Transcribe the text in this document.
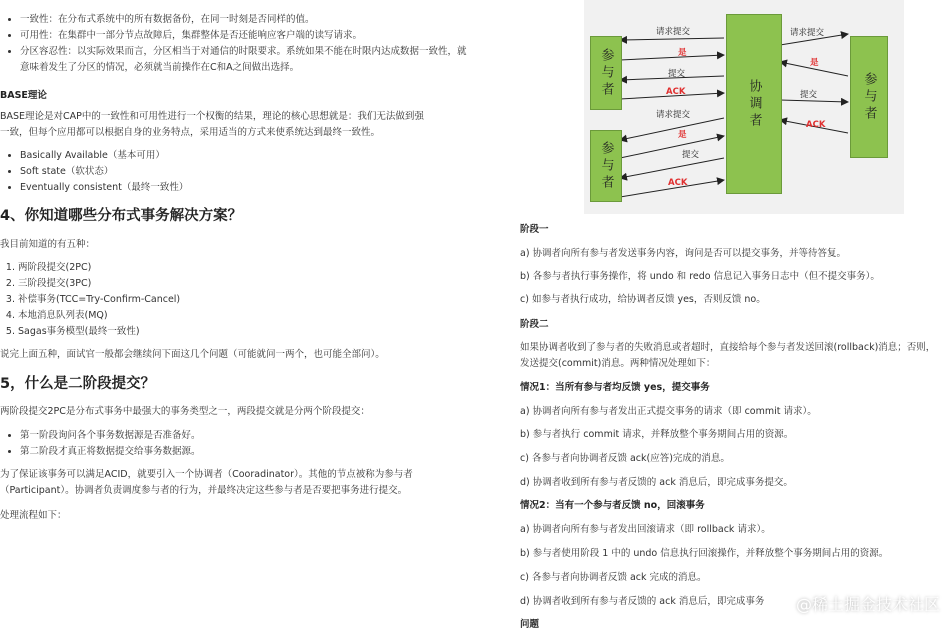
• 一致性：在分布式系统中的所有数据备份，在同一时刻是否同样的值。
• 可用性：在集群中一部分节点故障后，集群整体是否还能响应客户端的读写请求。
• 分区容忍性：以实际效果而言，分区相当于对通信的时限要求。系统如果不能在时限内达成数据一致性，就意味着发生了分区的情况，必须就当前操作在C和A之间做出选择。

BASE理论

BASE理论是对CAP中的一致性和可用性进行一个权衡的结果，理论的核心思想就是：我们无法做到强一致，但每个应用都可以根据自身的业务特点，采用适当的方式来使系统达到最终一致性。

• Basically Available（基本可用）
• Soft state（软状态）
• Eventually consistent（最终一致性）

4、你知道哪些分布式事务解决方案？

我目前知道的有五种：

1. 两阶段提交(2PC)
2. 三阶段提交(3PC)
3. 补偿事务(TCC=Try-Confirm-Cancel)
4. 本地消息队列表(MQ)
5. Sagas事务模型(最终一致性)

说完上面五种，面试官一般都会继续问下面这几个问题（可能就问一两个，也可能全部问）。

5，什么是二阶段提交？

两阶段提交2PC是分布式事务中最强大的事务类型之一，两段提交就是分两个阶段提交：

• 第一阶段询问各个事务数据源是否准备好。
• 第二阶段才真正将数据提交给事务数据源。

为了保证该事务可以满足ACID，就要引入一个协调者（Cooradinator）。其他的节点被称为参与者（Participant）。协调者负责调度参与者的行为，并最终决定这些参与者是否要把事务进行提交。

处理流程如下：

参与者
参与者
协调者	参与者
请求提交
是
提交
ACK
请求提交
是
提交
ACK
请求提交
是
提交
ACK

阶段一

a) 协调者向所有参与者发送事务内容，询问是否可以提交事务，并等待答复。

b) 各参与者执行事务操作，将 undo 和 redo 信息记入事务日志中（但不提交事务）。

c) 如参与者执行成功，给协调者反馈 yes，否则反馈 no。

阶段二

如果协调者收到了参与者的失败消息或者超时，直接给每个参与者发送回滚(rollback)消息；否则，发送提交(commit)消息。两种情况处理如下：

情况1：当所有参与者均反馈 yes，提交事务

a) 协调者向所有参与者发出正式提交事务的请求（即 commit 请求）。

b) 参与者执行 commit 请求，并释放整个事务期间占用的资源。

c) 各参与者向协调者反馈 ack(应答)完成的消息。

d) 协调者收到所有参与者反馈的 ack 消息后，即完成事务提交。

情况2：当有一个参与者反馈 no，回滚事务

a) 协调者向所有参与者发出回滚请求（即 rollback 请求）。

b) 参与者使用阶段 1 中的 undo 信息执行回滚操作，并释放整个事务期间占用的资源。

c) 各参与者向协调者反馈 ack 完成的消息。

d) 协调者收到所有参与者反馈的 ack 消息后，即完成事务

问题

@稀土掘金技术社区
